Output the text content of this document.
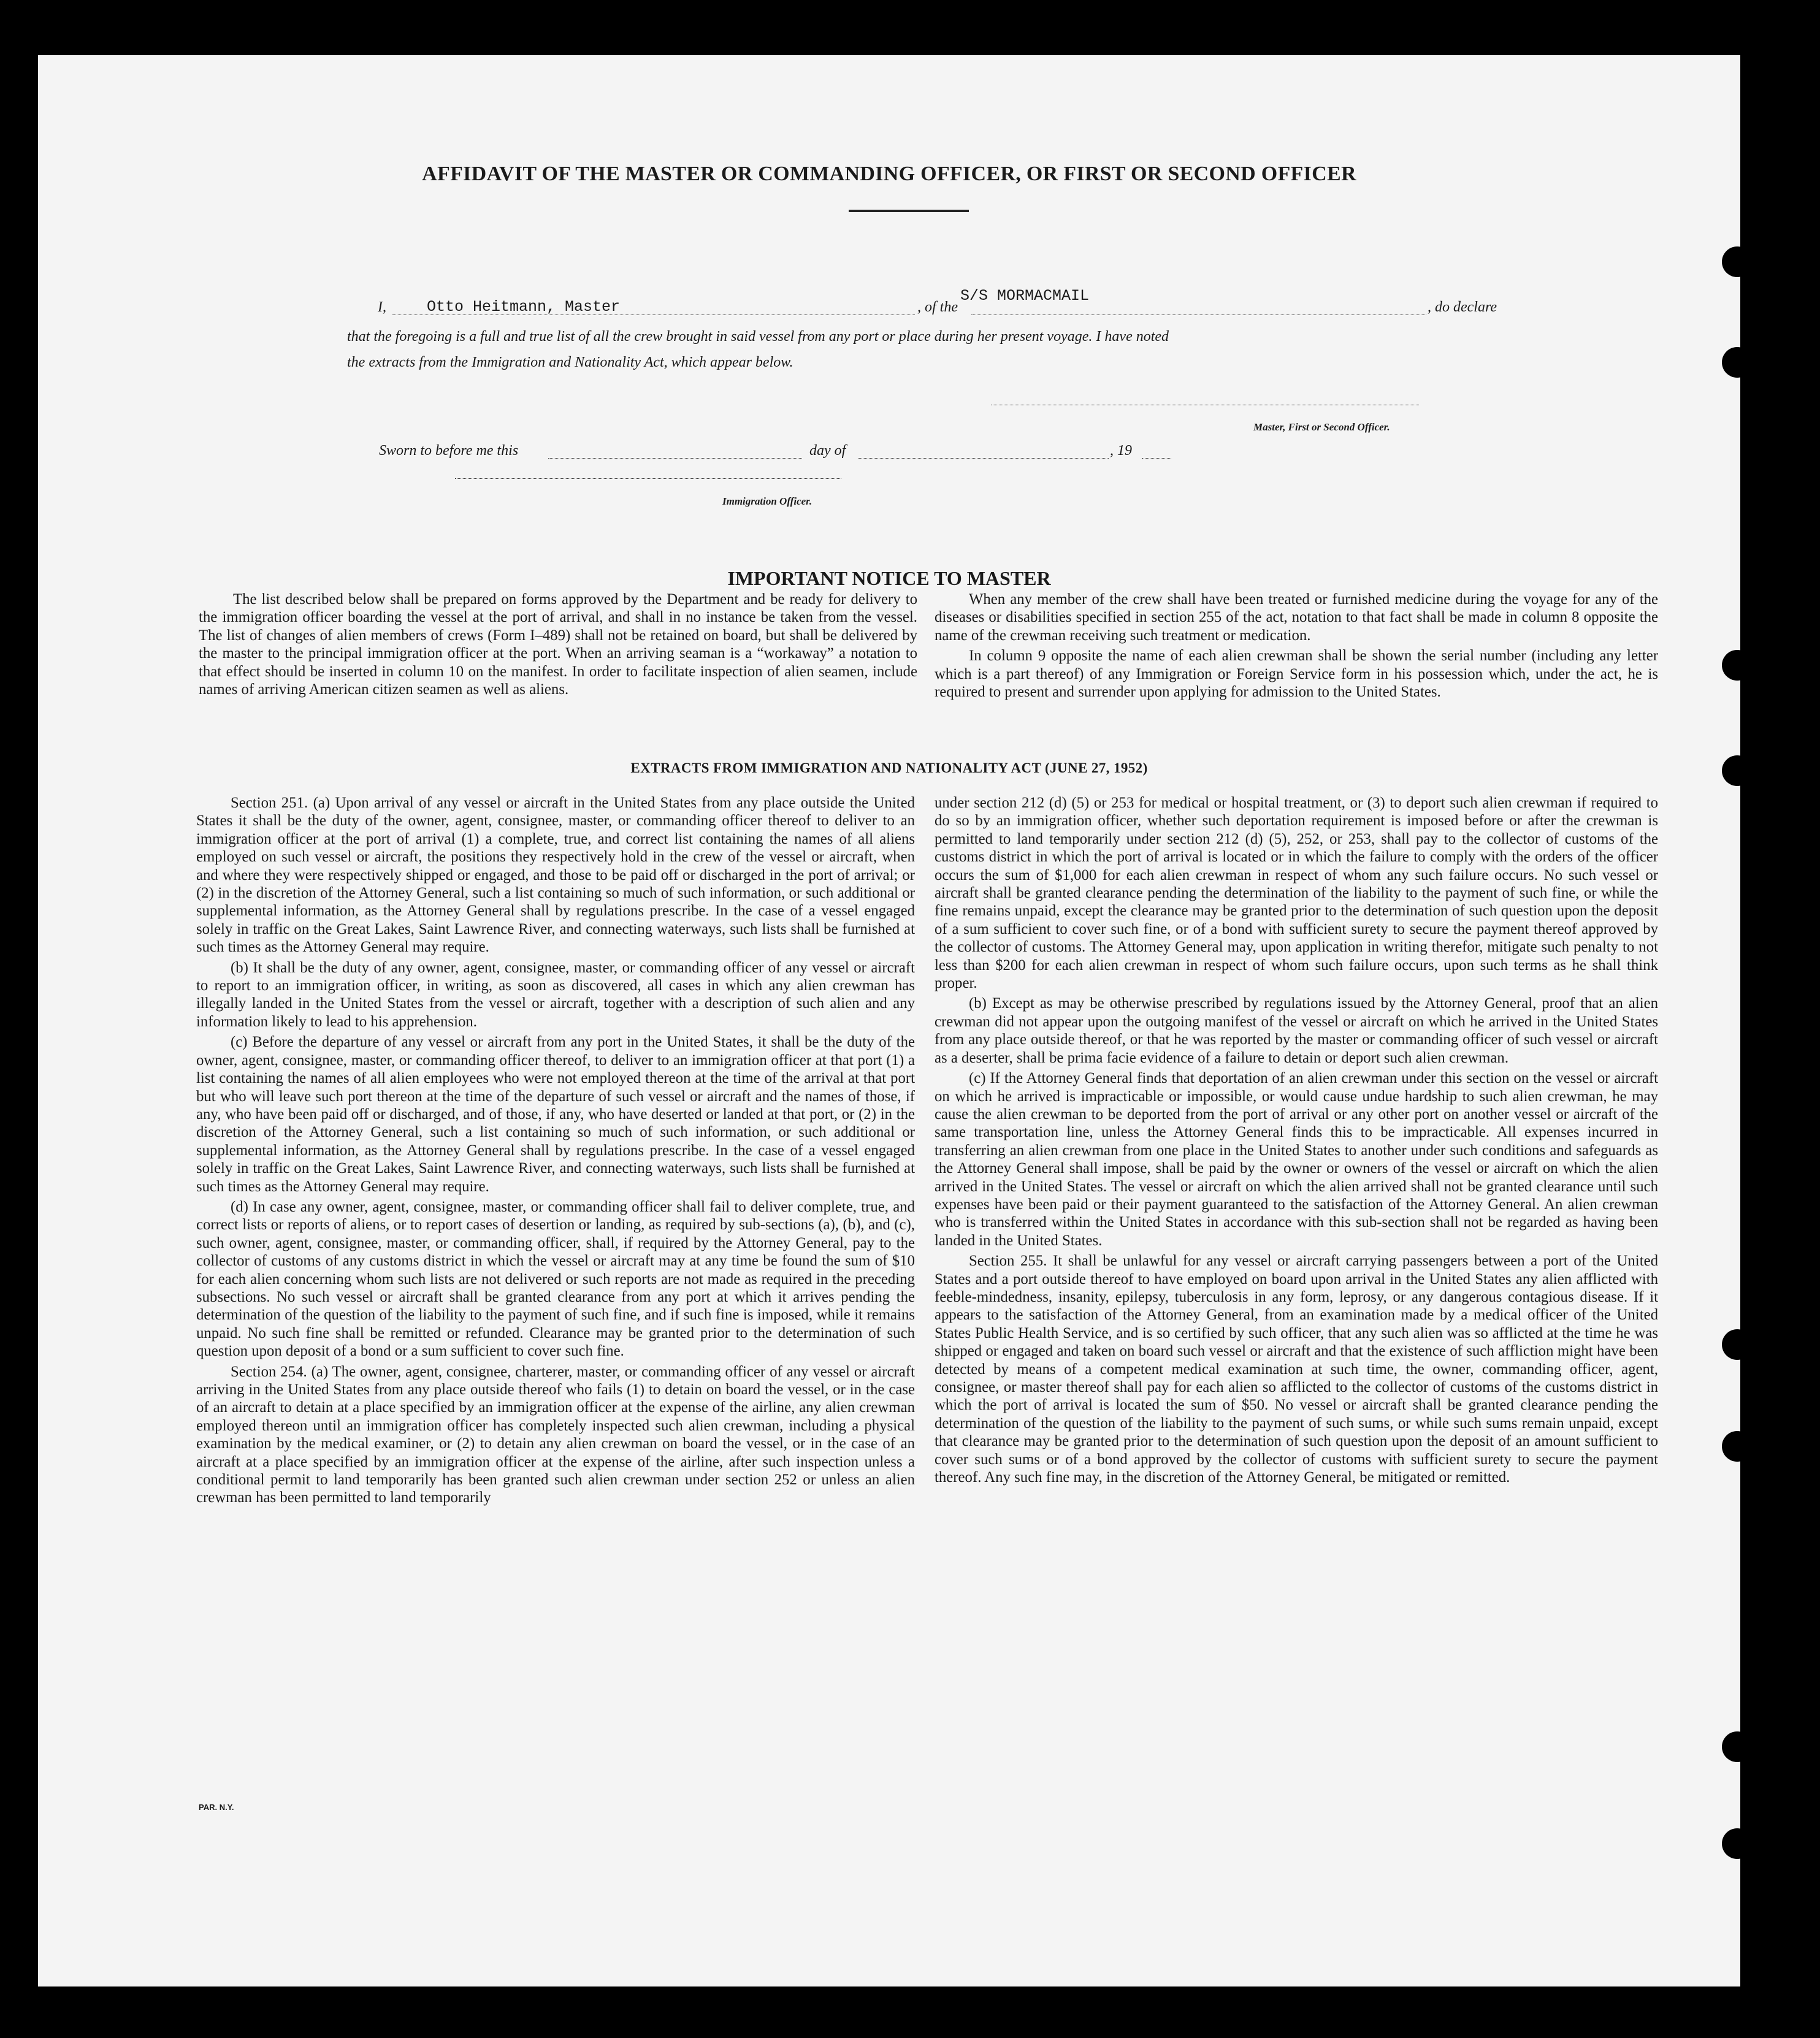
AFFIDAVIT OF THE MASTER OR COMMANDING OFFICER, OR FIRST OR SECOND OFFICER
I,	Otto Heitmann, Master	, of the
S/S MORMACMAIL
, do declare
that the foregoing is a full and true list of all the crew brought in said vessel from any port or place during her present voyage. I have noted
the extracts from the Immigration and Nationality Act, which appear below.
Master, First or Second Officer.
Sworn to before me this	day of	, 19
Immigration Officer.
IMPORTANT NOTICE TO MASTER

The list described below shall be prepared on forms approved by the Department and be ready for delivery to the immigration officer boarding the vessel at the port of arrival, and shall in no instance be taken from the vessel. The list of changes of alien members of crews (Form I–489) shall not be retained on board, but shall be delivered by the master to the principal immigration officer at the port. When an arriving seaman is a “workaway” a notation to that effect should be inserted in column 10 on the manifest. In order to facilitate inspection of alien seamen, include names of arriving American citizen seamen as well as aliens.

When any member of the crew shall have been treated or furnished medicine during the voyage for any of the diseases or disabilities specified in section 255 of the act, notation to that fact shall be made in column 8 opposite the name of the crewman receiving such treatment or medication.

In column 9 opposite the name of each alien crewman shall be shown the serial number (including any letter which is a part thereof) of any Immigration or Foreign Service form in his possession which, under the act, he is required to present and surrender upon applying for admission to the United States.

EXTRACTS FROM IMMIGRATION AND NATIONALITY ACT (JUNE 27, 1952)

Section 251. (a) Upon arrival of any vessel or aircraft in the United States from any place outside the United States it shall be the duty of the owner, agent, consignee, master, or commanding officer thereof to deliver to an immigration officer at the port of arrival (1) a complete, true, and correct list containing the names of all aliens employed on such vessel or aircraft, the positions they respectively hold in the crew of the vessel or aircraft, when and where they were respectively shipped or engaged, and those to be paid off or discharged in the port of arrival; or (2) in the discretion of the Attorney General, such a list containing so much of such information, or such additional or supplemental information, as the Attorney General shall by regulations prescribe. In the case of a vessel engaged solely in traffic on the Great Lakes, Saint Lawrence River, and connecting waterways, such lists shall be furnished at such times as the Attorney General may require.

(b) It shall be the duty of any owner, agent, consignee, master, or commanding officer of any vessel or aircraft to report to an immigration officer, in writing, as soon as discovered, all cases in which any alien crewman has illegally landed in the United States from the vessel or aircraft, together with a description of such alien and any information likely to lead to his apprehension.

(c) Before the departure of any vessel or aircraft from any port in the United States, it shall be the duty of the owner, agent, consignee, master, or commanding officer thereof, to deliver to an immigration officer at that port (1) a list containing the names of all alien employees who were not employed thereon at the time of the arrival at that port but who will leave such port thereon at the time of the departure of such vessel or aircraft and the names of those, if any, who have been paid off or discharged, and of those, if any, who have deserted or landed at that port, or (2) in the discretion of the Attorney General, such a list containing so much of such information, or such additional or supplemental information, as the Attorney General shall by regulations prescribe. In the case of a vessel engaged solely in traffic on the Great Lakes, Saint Lawrence River, and connecting waterways, such lists shall be furnished at such times as the Attorney General may require.

(d) In case any owner, agent, consignee, master, or commanding officer shall fail to deliver complete, true, and correct lists or reports of aliens, or to report cases of desertion or landing, as required by sub-sections (a), (b), and (c), such owner, agent, consignee, master, or commanding officer, shall, if required by the Attorney General, pay to the collector of customs of any customs district in which the vessel or aircraft may at any time be found the sum of $10 for each alien concerning whom such lists are not delivered or such reports are not made as required in the preceding subsections. No such vessel or aircraft shall be granted clearance from any port at which it arrives pending the determination of the question of the liability to the payment of such fine, and if such fine is imposed, while it remains unpaid. No such fine shall be remitted or refunded. Clearance may be granted prior to the determination of such question upon deposit of a bond or a sum sufficient to cover such fine.

Section 254. (a) The owner, agent, consignee, charterer, master, or commanding officer of any vessel or aircraft arriving in the United States from any place outside thereof who fails (1) to detain on board the vessel, or in the case of an aircraft to detain at a place specified by an immigration officer at the expense of the airline, any alien crewman employed thereon until an immigration officer has completely inspected such alien crewman, including a physical examination by the medical examiner, or (2) to detain any alien crewman on board the vessel, or in the case of an aircraft at a place specified by an immigration officer at the expense of the airline, after such inspection unless a conditional permit to land temporarily has been granted such alien crewman under section 252 or unless an alien crewman has been permitted to land temporarily

under section 212 (d) (5) or 253 for medical or hospital treatment, or (3) to deport such alien crewman if required to do so by an immigration officer, whether such deportation requirement is imposed before or after the crewman is permitted to land temporarily under section 212 (d) (5), 252, or 253, shall pay to the collector of customs of the customs district in which the port of arrival is located or in which the failure to comply with the orders of the officer occurs the sum of $1,000 for each alien crewman in respect of whom any such failure occurs. No such vessel or aircraft shall be granted clearance pending the determination of the liability to the payment of such fine, or while the fine remains unpaid, except the clearance may be granted prior to the determination of such question upon the deposit of a sum sufficient to cover such fine, or of a bond with sufficient surety to secure the payment thereof approved by the collector of customs. The Attorney General may, upon application in writing therefor, mitigate such penalty to not less than $200 for each alien crewman in respect of whom such failure occurs, upon such terms as he shall think proper.

(b) Except as may be otherwise prescribed by regulations issued by the Attorney General, proof that an alien crewman did not appear upon the outgoing manifest of the vessel or aircraft on which he arrived in the United States from any place outside thereof, or that he was reported by the master or commanding officer of such vessel or aircraft as a deserter, shall be prima facie evidence of a failure to detain or deport such alien crewman.

(c) If the Attorney General finds that deportation of an alien crewman under this section on the vessel or aircraft on which he arrived is impracticable or impossible, or would cause undue hardship to such alien crewman, he may cause the alien crewman to be deported from the port of arrival or any other port on another vessel or aircraft of the same transportation line, unless the Attorney General finds this to be impracticable. All expenses incurred in transferring an alien crewman from one place in the United States to another under such conditions and safeguards as the Attorney General shall impose, shall be paid by the owner or owners of the vessel or aircraft on which the alien arrived in the United States. The vessel or aircraft on which the alien arrived shall not be granted clearance until such expenses have been paid or their payment guaranteed to the satisfaction of the Attorney General. An alien crewman who is transferred within the United States in accordance with this sub-section shall not be regarded as having been landed in the United States.

Section 255. It shall be unlawful for any vessel or aircraft carrying passengers between a port of the United States and a port outside thereof to have employed on board upon arrival in the United States any alien afflicted with feeble-mindedness, insanity, epilepsy, tuberculosis in any form, leprosy, or any dangerous contagious disease. If it appears to the satisfaction of the Attorney General, from an examination made by a medical officer of the United States Public Health Service, and is so certified by such officer, that any such alien was so afflicted at the time he was shipped or engaged and taken on board such vessel or aircraft and that the existence of such affliction might have been detected by means of a competent medical examination at such time, the owner, commanding officer, agent, consignee, or master thereof shall pay for each alien so afflicted to the collector of customs of the customs district in which the port of arrival is located the sum of $50. No vessel or aircraft shall be granted clearance pending the determination of the question of the liability to the payment of such sums, or while such sums remain unpaid, except that clearance may be granted prior to the determination of such question upon the deposit of an amount sufficient to cover such sums or of a bond approved by the collector of customs with sufficient surety to secure the payment thereof. Any such fine may, in the discretion of the Attorney General, be mitigated or remitted.

PAR. N.Y.
